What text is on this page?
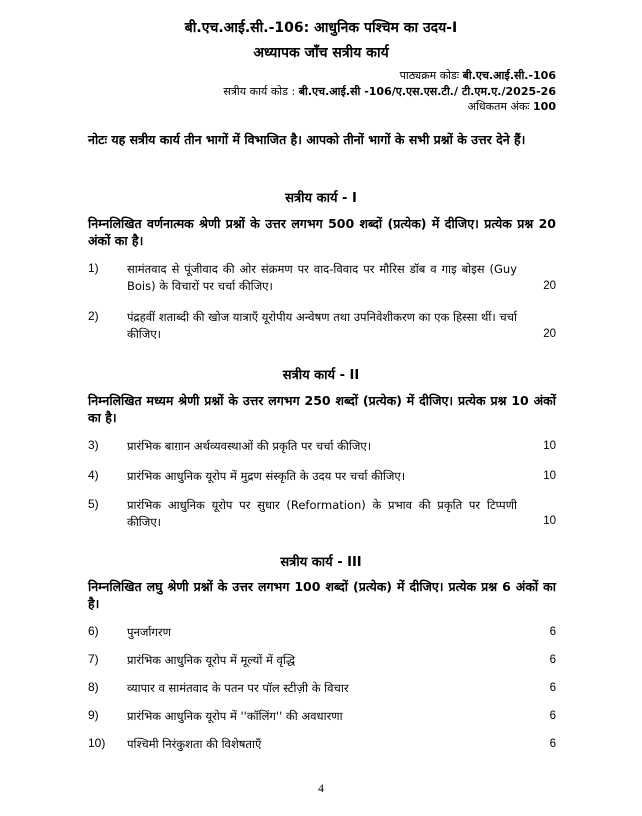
बी.एच.आई.सी.-106: आधुनिक पश्चिम का उदय-I
अध्यापक जाँच सत्रीय कार्य
पाठ्यक्रम कोडः बी.एच.आई.सी.-106
सत्रीय कार्य कोड : बी.एच.आई.सी -106/ए.एस.एस.टी./ टी.एम.ए./2025-26
अधिकतम अंकः 100
नोटः यह सत्रीय कार्य तीन भागों में विभाजित है। आपको तीनों भागों के सभी प्रश्नों के उत्तर देने हैं।
सत्रीय कार्य - I
निम्नलिखित वर्णनात्मक श्रेणी प्रश्नों के उत्तर लगभग 500 शब्दों (प्रत्येक) में दीजिए। प्रत्येक प्रश्न 20 अंकों का है।
1) सामंतवाद से पूंजीवाद की ओर संक्रमण पर वाद-विवाद पर मौरिस डॉब व गाइ बोइस (Guy Bois) के विचारों पर चर्चा कीजिए।	20
2) पंद्रहवीं शताब्दी की खोज यात्राएँ यूरोपीय अन्वेषण तथा उपनिवेशीकरण का एक हिस्सा थीं। चर्चा कीजिए।	20
सत्रीय कार्य - II
निम्नलिखित मध्यम श्रेणी प्रश्नों के उत्तर लगभग 250 शब्दों (प्रत्येक) में दीजिए। प्रत्येक प्रश्न 10 अंकों का है।
3) प्रारंभिक बाग़ान अर्थव्यवस्थाओं की प्रकृति पर चर्चा कीजिए।	10
4) प्रारंभिक आधुनिक यूरोप में मुद्रण संस्कृति के उदय पर चर्चा कीजिए।	10
5) प्रारंभिक आधुनिक यूरोप पर सुधार (Reformation) के प्रभाव की प्रकृति पर टिप्पणी कीजिए।	10
सत्रीय कार्य - III
निम्नलिखित लघु श्रेणी प्रश्नों के उत्तर लगभग 100 शब्दों (प्रत्येक) में दीजिए। प्रत्येक प्रश्न 6 अंकों का है।
6) पुनर्जागरण	6
7) प्रारंभिक आधुनिक यूरोप में मूल्यों में वृद्धि	6
8) व्यापार व सामंतवाद के पतन पर पॉल स्टीज़ी के विचार	6
9) प्रारंभिक आधुनिक यूरोप में ''कॉलिंग'' की अवधारणा	6
10) पश्चिमी निरंकुशता की विशेषताएँ	6
4
